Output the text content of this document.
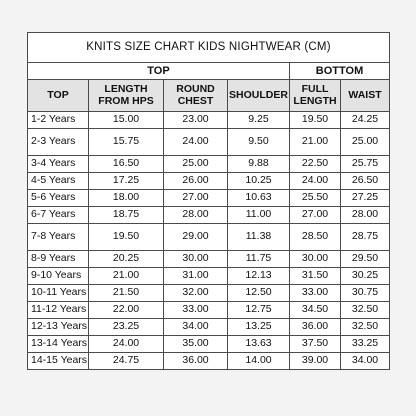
KNITS SIZE CHART KIDS NIGHTWEAR (CM)					
TOP				BOTTOM	
TOP	LENGTH FROM HPS	ROUND CHEST	SHOULDER	FULL LENGTH	WAIST
1-2 Years	15.00	23.00	9.25	19.50	24.25
2-3 Years	15.75	24.00	9.50	21.00	25.00
3-4 Years	16.50	25.00	9.88	22.50	25.75
4-5 Years	17.25	26.00	10.25	24.00	26.50
5-6 Years	18.00	27.00	10.63	25.50	27.25
6-7 Years	18.75	28.00	11.00	27.00	28.00
7-8 Years	19.50	29.00	11.38	28.50	28.75
8-9 Years	20.25	30.00	11.75	30.00	29.50
9-10 Years	21.00	31.00	12.13	31.50	30.25
10-11 Years	21.50	32.00	12.50	33.00	30.75
11-12 Years	22.00	33.00	12.75	34.50	32.50
12-13 Years	23.25	34.00	13.25	36.00	32.50
13-14 Years	24.00	35.00	13.63	37.50	33.25
14-15 Years	24.75	36.00	14.00	39.00	34.00
